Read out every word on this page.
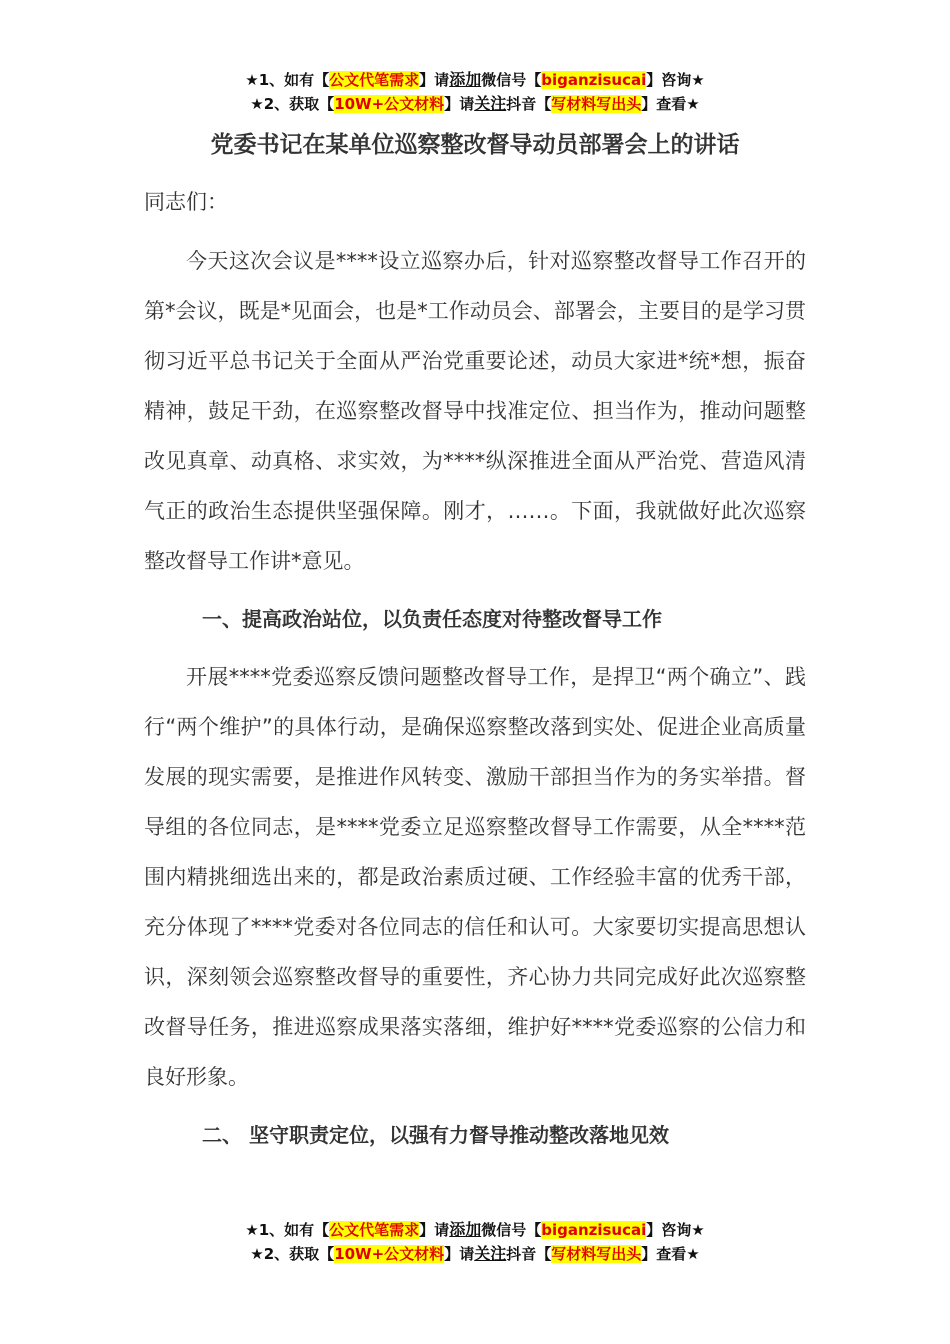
★1、如有【公文代笔需求】请添加微信号【biganzisucai】咨询★
★2、获取【10W+公文材料】请关注抖音【写材料写出头】查看★
党委书记在某单位巡察整改督导动员部署会上的讲话
同志们：

今天这次会议是****设立巡察办后，针对巡察整改督导工作召开的第*会议，既是*见面会，也是*工作动员会、部署会，主要目的是学习贯彻习近平总书记关于全面从严治党重要论述，动员大家进*统*想，振奋精神，鼓足干劲，在巡察整改督导中找准定位、担当作为，推动问题整改见真章、动真格、求实效，为****纵深推进全面从严治党、营造风清气正的政治生态提供坚强保障。刚才，……。下面，我就做好此次巡察整改督导工作讲*意见。

一、提高政治站位，以负责任态度对待整改督导工作

开展****党委巡察反馈问题整改督导工作，是捍卫“两个确立”、践行“两个维护”的具体行动，是确保巡察整改落到实处、促进企业高质量发展的现实需要，是推进作风转变、激励干部担当作为的务实举措。督导组的各位同志，是****党委立足巡察整改督导工作需要，从全****范围内精挑细选出来的，都是政治素质过硬、工作经验丰富的优秀干部，充分体现了****党委对各位同志的信任和认可。大家要切实提高思想认识，深刻领会巡察整改督导的重要性，齐心协力共同完成好此次巡察整改督导任务，推进巡察成果落实落细，维护好****党委巡察的公信力和良好形象。

二、 坚守职责定位，以强有力督导推动整改落地见效

★1、如有【公文代笔需求】请添加微信号【biganzisucai】咨询★
★2、获取【10W+公文材料】请关注抖音【写材料写出头】查看★
